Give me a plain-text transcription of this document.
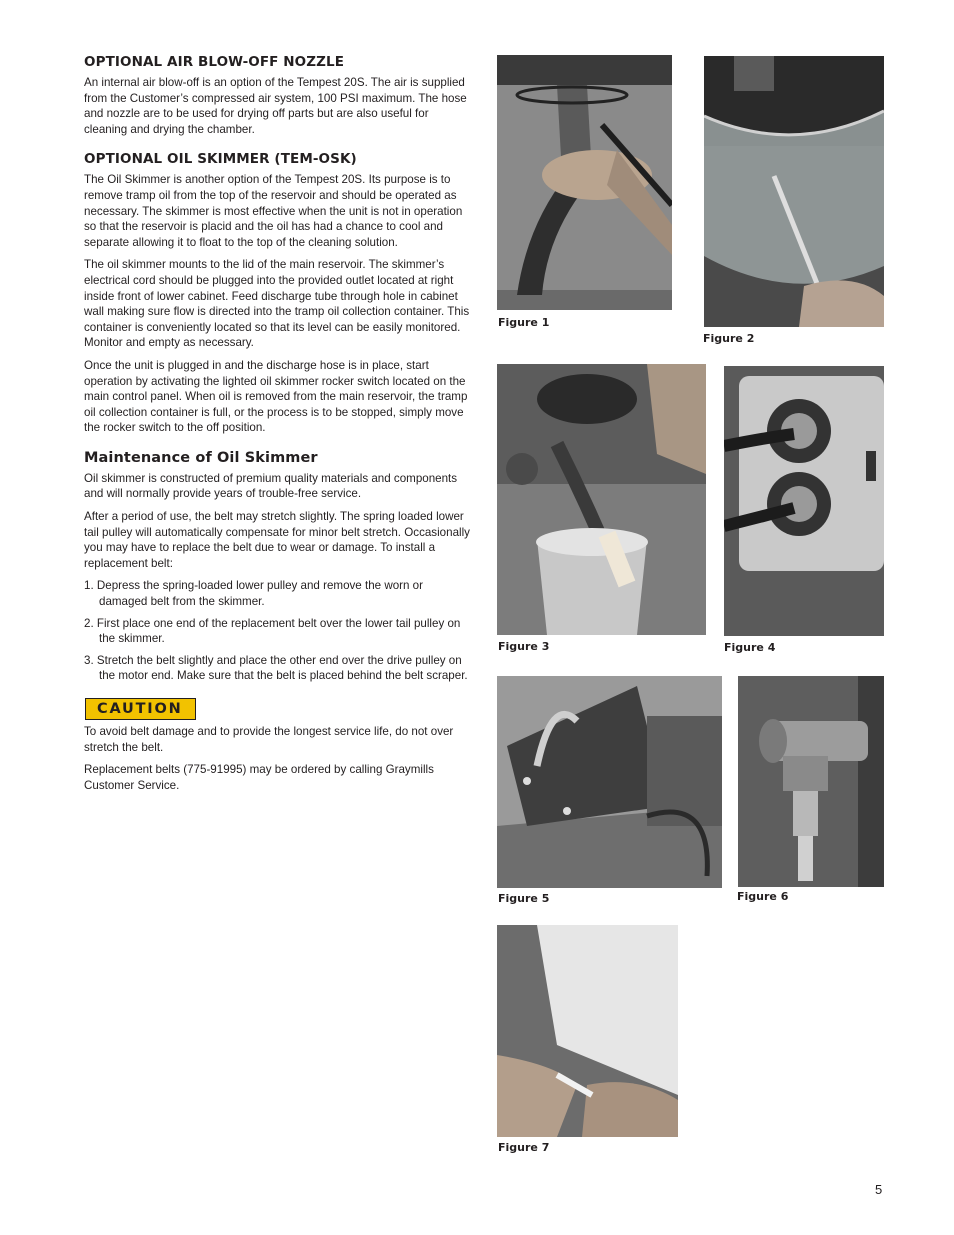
OPTIONAL AIR BLOW-OFF NOZZLE

An internal air blow-off is an option of the Tempest 20S. The air is supplied from the Customer’s compressed air system, 100 PSI maximum. The hose and nozzle are to be used for drying off parts but are also useful for cleaning and drying the chamber.

OPTIONAL OIL SKIMMER (TEM-OSK)

The Oil Skimmer is another option of the Tempest 20S. Its purpose is to remove tramp oil from the top of the reservoir and should be operated as necessary. The skimmer is most effective when the unit is not in operation so that the reservoir is placid and the oil has had a chance to cool and separate allowing it to float to the top of the cleaning solution.

The oil skimmer mounts to the lid of the main reservoir. The skimmer’s electrical cord should be plugged into the provided outlet located at right inside front of lower cabinet. Feed discharge tube through hole in cabinet wall making sure flow is directed into the tramp oil collection container. This container is conveniently located so that its level can be easily monitored. Monitor and empty as necessary.

Once the unit is plugged in and the discharge hose is in place, start operation by activating the lighted oil skimmer rocker switch located on the main control panel. When oil is removed from the main reservoir, the tramp oil collection container is full, or the process is to be stopped, simply move the rocker switch to the off position.

Maintenance of Oil Skimmer

Oil skimmer is constructed of premium quality materials and components and will normally provide years of trouble-free service.

After a period of use, the belt may stretch slightly. The spring loaded lower tail pulley will automatically compensate for minor belt stretch. Occasionally you may have to replace the belt due to wear or damage. To install a replacement belt:

1. Depress the spring-loaded lower pulley and remove the worn or damaged belt from the skimmer.
2. First place one end of the replacement belt over the lower tail pulley on the skimmer.
3. Stretch the belt slightly and place the other end over the drive pulley on the motor end. Make sure that the belt is placed behind the belt scraper.
CAUTION

To avoid belt damage and to provide the longest service life, do not over stretch the belt.

Replacement belts (775-91995) may be ordered by calling Graymills Customer Service.

Figure 1
Figure 2
Figure 3	Figure 4
Figure 5	Figure 6
Figure 7
5
